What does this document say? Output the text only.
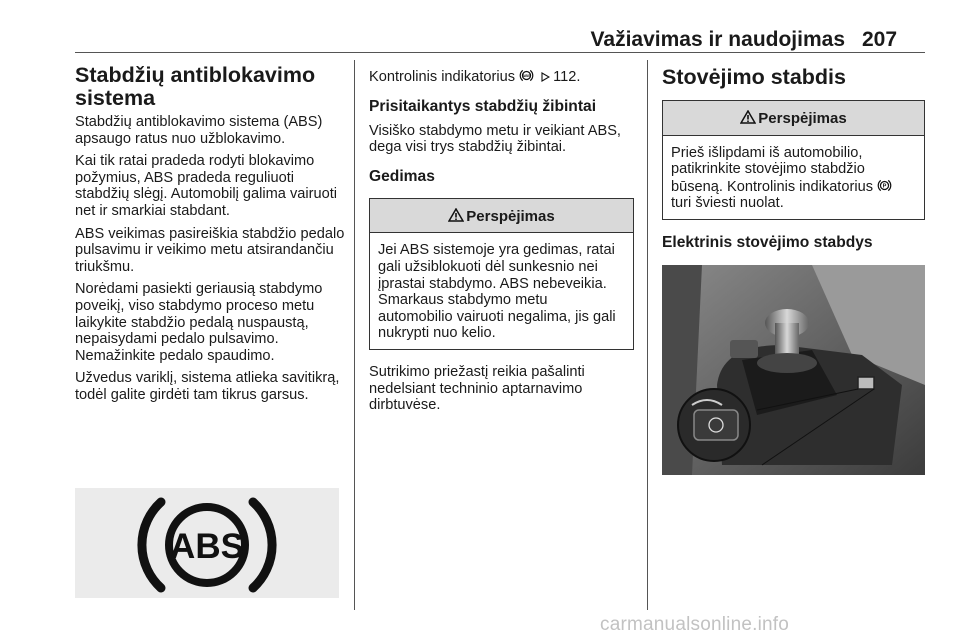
Važiavimas ir naudojimas 207
Stabdžių antiblokavimo sistema

Stabdžių antiblokavimo sistema (ABS) apsaugo ratus nuo užblokavimo.

Kai tik ratai pradeda rodyti blokavimo požymius, ABS pradeda reguliuoti stabdžių slėgį. Automobilį galima vairuoti net ir smarkiai stabdant.

ABS veikimas pasireiškia stabdžio pedalo pulsavimu ir veikimo metu atsirandančiu triukšmu.

Norėdami pasiekti geriausią stabdymo poveikį, viso stabdymo proceso metu laikykite stabdžio pedalą nuspaustą, nepaisydami pedalo pulsavimo. Nemažinkite pedalo spaudimo.

Užvedus variklį, sistema atlieka savitikrą, todėl galite girdėti tam tikrus garsus.

ABS

Kontrolinis indikatorius ABS 112.

Prisitaikantys stabdžių žibintai

Visiško stabdymo metu ir veikiant ABS, dega visi trys stabdžių žibintai.

Gedimas
Perspėjimas
Jei ABS sistemoje yra gedimas, ratai gali užsiblokuoti dėl sunkesnio nei įprastai stabdymo. ABS nebeveikia. Smarkaus stabdymo metu automobilio vairuoti negalima, jis gali nukrypti nuo kelio.

Sutrikimo priežastį reikia pašalinti nedelsiant techninio aptarnavimo dirbtuvėse.

Stovėjimo stabdis
Perspėjimas
Prieš išlipdami iš automobilio, patikrinkite stovėjimo stabdžio būseną. Kontrolinis indikatorius P
turi šviesti nuolat.
Elektrinis stovėjimo stabdys
carmanualsonline.info
